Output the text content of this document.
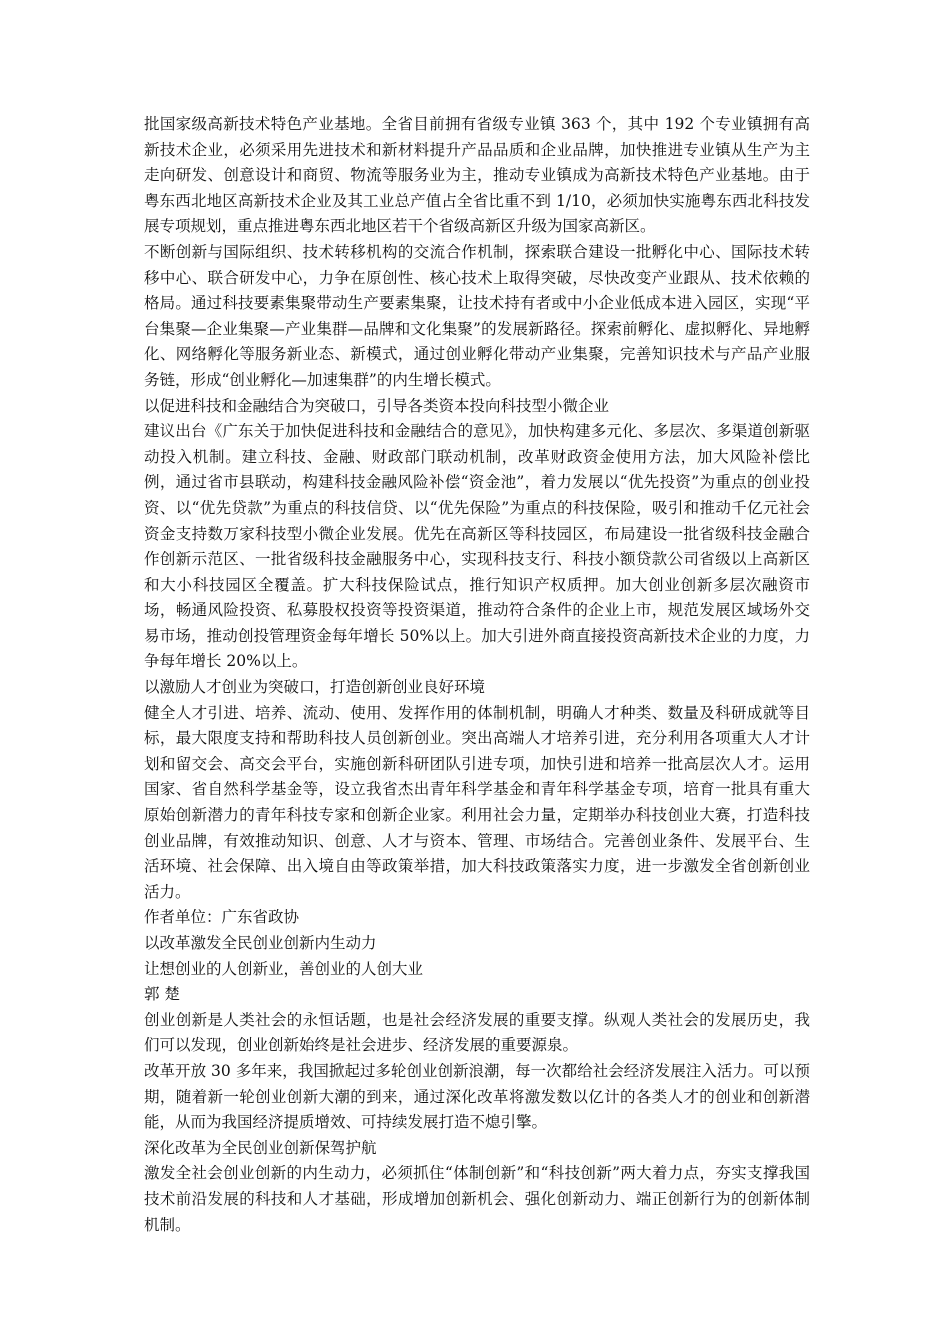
批国家级高新技术特色产业基地。全省目前拥有省级专业镇 363 个，其中 192 个专业镇拥有高新技术企业，必须采用先进技术和新材料提升产品品质和企业品牌，加快推进专业镇从生产为主走向研发、创意设计和商贸、物流等服务业为主，推动专业镇成为高新技术特色产业基地。由于粤东西北地区高新技术企业及其工业总产值占全省比重不到 1/10，必须加快实施粤东西北科技发展专项规划，重点推进粤东西北地区若干个省级高新区升级为国家高新区。

不断创新与国际组织、技术转移机构的交流合作机制，探索联合建设一批孵化中心、国际技术转移中心、联合研发中心，力争在原创性、核心技术上取得突破，尽快改变产业跟从、技术依赖的格局。通过科技要素集聚带动生产要素集聚，让技术持有者或中小企业低成本进入园区，实现“平台集聚—企业集聚—产业集群—品牌和文化集聚”的发展新路径。探索前孵化、虚拟孵化、异地孵化、网络孵化等服务新业态、新模式，通过创业孵化带动产业集聚，完善知识技术与产品产业服务链，形成“创业孵化—加速集群”的内生增长模式。

以促进科技和金融结合为突破口，引导各类资本投向科技型小微企业

建议出台《广东关于加快促进科技和金融结合的意见》，加快构建多元化、多层次、多渠道创新驱动投入机制。建立科技、金融、财政部门联动机制，改革财政资金使用方法，加大风险补偿比例，通过省市县联动，构建科技金融风险补偿“资金池”，着力发展以“优先投资”为重点的创业投资、以“优先贷款”为重点的科技信贷、以“优先保险”为重点的科技保险，吸引和推动千亿元社会资金支持数万家科技型小微企业发展。优先在高新区等科技园区，布局建设一批省级科技金融合作创新示范区、一批省级科技金融服务中心，实现科技支行、科技小额贷款公司省级以上高新区和大小科技园区全覆盖。扩大科技保险试点，推行知识产权质押。加大创业创新多层次融资市场，畅通风险投资、私募股权投资等投资渠道，推动符合条件的企业上市，规范发展区域场外交易市场，推动创投管理资金每年增长 50%以上。加大引进外商直接投资高新技术企业的力度，力争每年增长 20%以上。

以激励人才创业为突破口，打造创新创业良好环境

健全人才引进、培养、流动、使用、发挥作用的体制机制，明确人才种类、数量及科研成就等目标，最大限度支持和帮助科技人员创新创业。突出高端人才培养引进，充分利用各项重大人才计划和留交会、高交会平台，实施创新科研团队引进专项，加快引进和培养一批高层次人才。运用国家、省自然科学基金等，设立我省杰出青年科学基金和青年科学基金专项，培育一批具有重大原始创新潜力的青年科技专家和创新企业家。利用社会力量，定期举办科技创业大赛，打造科技创业品牌，有效推动知识、创意、人才与资本、管理、市场结合。完善创业条件、发展平台、生活环境、社会保障、出入境自由等政策举措，加大科技政策落实力度，进一步激发全省创新创业活力。

作者单位：广东省政协

以改革激发全民创业创新内生动力

让想创业的人创新业，善创业的人创大业

郭 楚

创业创新是人类社会的永恒话题，也是社会经济发展的重要支撑。纵观人类社会的发展历史，我们可以发现，创业创新始终是社会进步、经济发展的重要源泉。

改革开放 30 多年来，我国掀起过多轮创业创新浪潮，每一次都给社会经济发展注入活力。可以预期，随着新一轮创业创新大潮的到来，通过深化改革将激发数以亿计的各类人才的创业和创新潜能，从而为我国经济提质增效、可持续发展打造不熄引擎。

深化改革为全民创业创新保驾护航

激发全社会创业创新的内生动力，必须抓住“体制创新”和“科技创新”两大着力点，夯实支撑我国技术前沿发展的科技和人才基础，形成增加创新机会、强化创新动力、端正创新行为的创新体制机制。
